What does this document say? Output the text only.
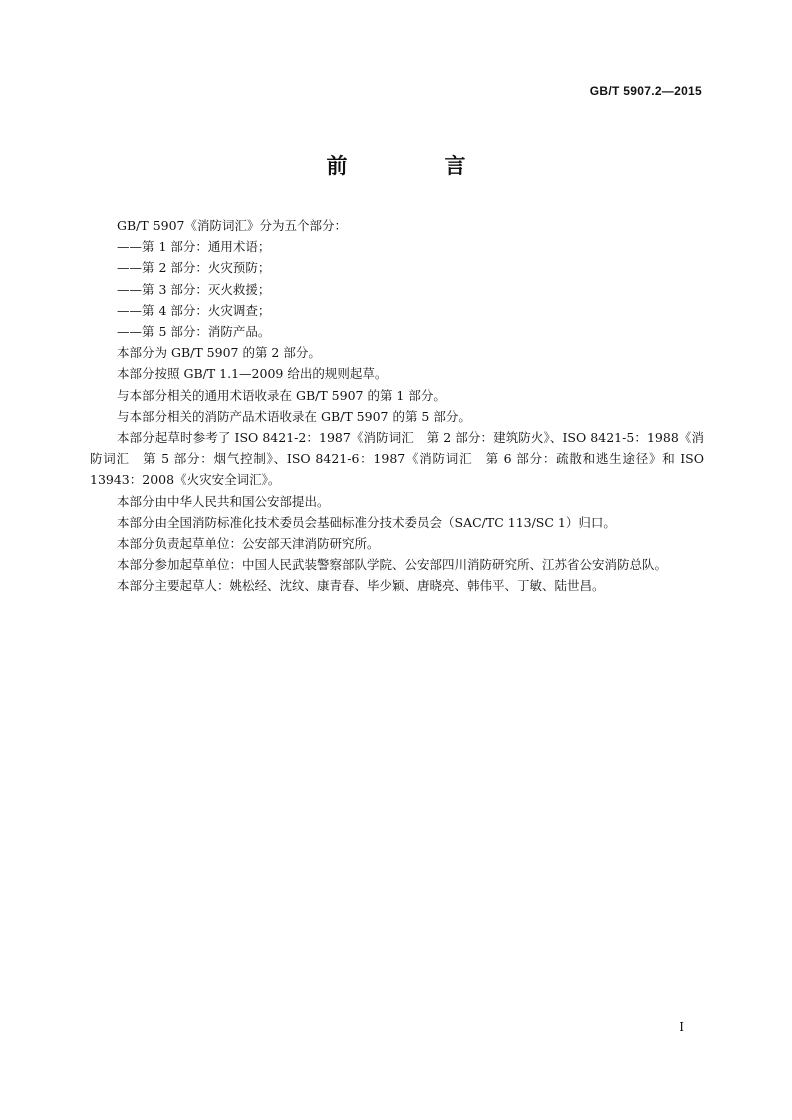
GB/T 5907.2—2015
前　言

GB/T 5907《消防词汇》分为五个部分：

——第 1 部分：通用术语；

——第 2 部分：火灾预防；

——第 3 部分：灭火救援；

——第 4 部分：火灾调查；

——第 5 部分：消防产品。

本部分为 GB/T 5907 的第 2 部分。

本部分按照 GB/T 1.1—2009 给出的规则起草。

与本部分相关的通用术语收录在 GB/T 5907 的第 1 部分。

与本部分相关的消防产品术语收录在 GB/T 5907 的第 5 部分。

本部分起草时参考了 ISO 8421-2：1987《消防词汇　第 2 部分：建筑防火》、ISO 8421-5：1988《消防词汇　第 5 部分：烟气控制》、ISO 8421-6：1987《消防词汇　第 6 部分：疏散和逃生途径》和 ISO 13943：2008《火灾安全词汇》。

本部分由中华人民共和国公安部提出。

本部分由全国消防标准化技术委员会基础标准分技术委员会（SAC/TC 113/SC 1）归口。

本部分负责起草单位：公安部天津消防研究所。

本部分参加起草单位：中国人民武装警察部队学院、公安部四川消防研究所、江苏省公安消防总队。

本部分主要起草人：姚松经、沈纹、康青春、毕少颖、唐晓亮、韩伟平、丁敏、陆世昌。

I
